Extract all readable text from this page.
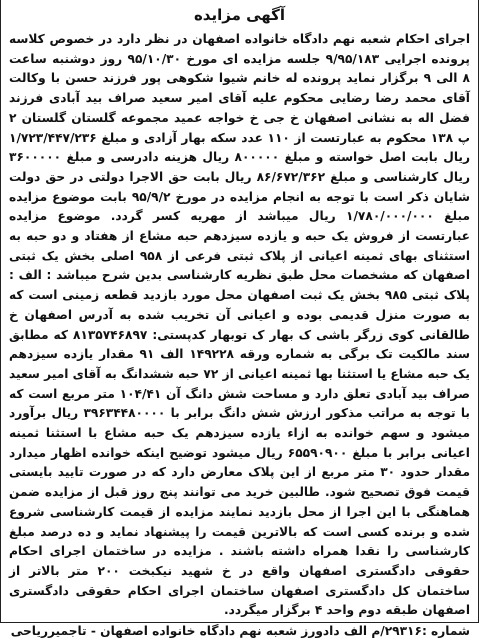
آگهی مزایده

اجرای احکام شعبه نهم دادگاه خانواده اصفهان در نظر دارد در خصوص کلاسه پرونده اجرایی ۹/۹۵/۱۸۳ جلسه مزایده ای مورخ ۹۵/۱۰/۳۰ روز دوشنبه ساعت ۸ الی ۹ برگزار نماید پرونده له خانم شیوا شکوهی پور فرزند حسن با وکالت آقای محمد رضا رضایی محکوم علیه آقای امیر سعید صراف بید آبادی فرزند فضل اله به نشانی اصفهان خ جی خ خواجه عمید مجموعه گلستان گلستان ۲ پ ۱۳۸ محکوم به عبارتست از ۱۱۰ عدد سکه بهار آزادی و مبلغ ۱/۷۲۳/۴۴۷/۲۳۶ ریال بابت اصل خواسته و مبلغ ۸۰۰۰۰۰ ریال هزینه دادرسی و مبلغ ۳۶۰۰۰۰۰ ریال کارشناسی و مبلغ ۸۶/۶۷۲/۳۶۲ ریال بابت حق الاجرا دولتی در حق دولت شایان ذکر است با توجه به انجام مزایده در مورخ ۹۵/۹/۲ بابت موضوع مزایده مبلغ ۱/۷۸۰/۰۰۰/۰۰۰ ریال میباشد از مهریه کسر گردد. موضوع مزایده عبارتست از فروش یک حبه و یازده سیزدهم حبه مشاع از هفتاد و دو حبه به استثنای بهای ثمینه اعیانی از پلاک ثبتی فرعی از ۹۵۸ اصلی بخش یک ثبتی اصفهان که مشخصات محل طبق نظریه کارشناسی بدین شرح میباشد : الف : پلاک ثبتی ۹۸۵ بخش یک ثبت اصفهان محل مورد بازدید قطعه زمینی است که به صورت منزل قدیمی بوده و اعیانی آن تخریب شده به آدرس اصفهان خ طالقانی کوی زرگر باشی ک بهار ک توبهار کدپستی: ۸۱۳۵۷۴۶۸۹۷ که مطابق سند مالکیت تک برگی به شماره ورقه ۱۴۹۲۲۸ الف ۹۱ مقدار یازده سیزدهم یک حبه مشاع یا استثنا بها ثمینه اعیانی از ۷۲ حبه ششدانگ به آقای امیر سعید صراف بید آبادی تعلق دارد و مساحت شش دانگ آن ۱۰۴/۴۱ متر مربع است که با توجه به مراتب مذکور ارزش شش دانگ برابر با ۳۹۶۳۴۴۸۰۰۰۰ ریال برآورد میشود و سهم خوانده به ازاء یازده سیزدهم یک حبه مشاع با استثنا ثمینه اعیانی برابر با مبلغ ۶۵۵۹۰۹۰۰ ریال میشود توضیح اینکه خوانده اظهار میدارد مقدار حدود ۳۰ متر مربع از این پلاک معارض دارد که در صورت تایید بایستی قیمت فوق تصحیح شود. طالبین خرید می توانند پنج روز قبل از مزایده ضمن هماهنگی با این اجرا از محل بازدید نمایند مزایده از قیمت کارشناسی شروع شده و برنده کسی است که بالاترین قیمت را پیشنهاد نماید و ده درصد مبلغ کارشناسی را نقدا همراه داشته باشند . مزایده در ساختمان اجرای احکام حقوقی دادگستری اصفهان واقع در خ شهید نیکبخت ۲۰۰ متر بالاتر از ساختمان کل دادگستری اصفهان ساختمان اجرای احکام حقوقی دادگستری اصفهان طبقه دوم واحد ۴ برگزار میگردد.

شماره :۲۹۳۱۶/م الف دادورز شعبه نهم دادگاه خانواده اصفهان - تاجمیرریاحی
